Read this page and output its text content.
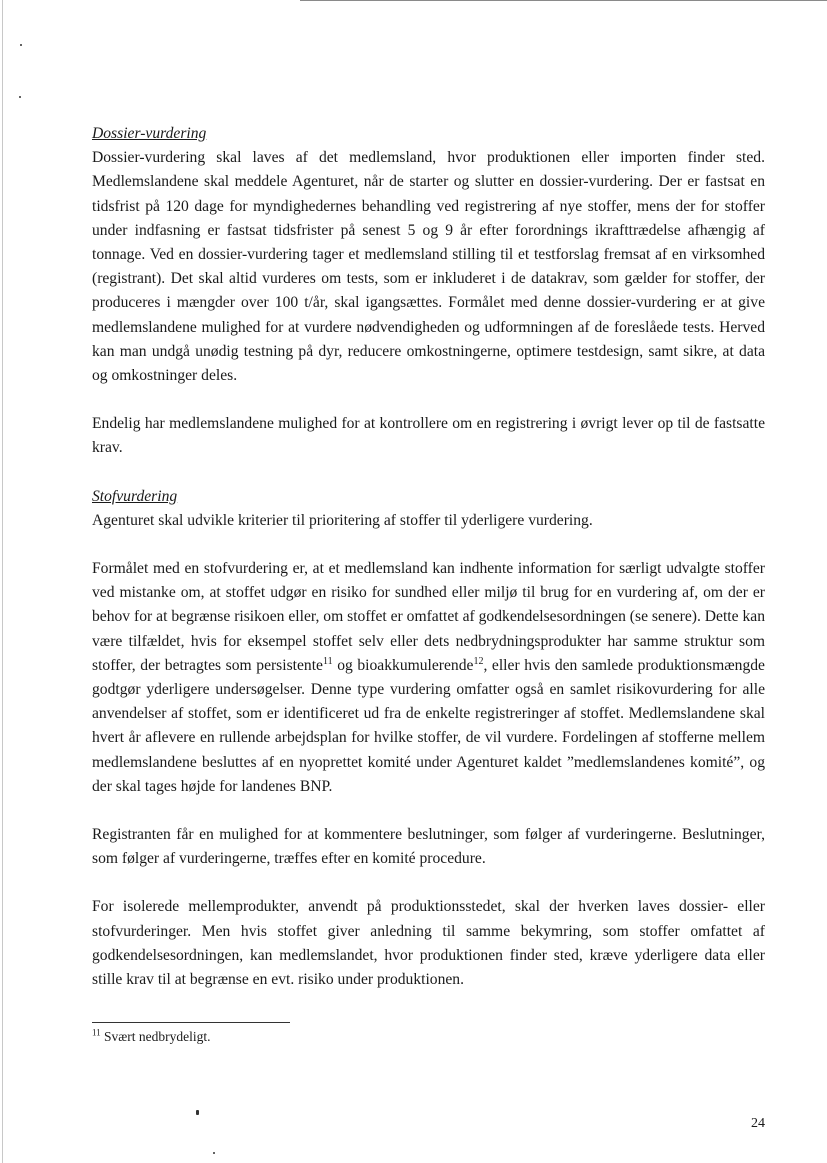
Dossier-vurdering

Dossier-vurdering skal laves af det medlemsland, hvor produktionen eller importen finder sted. Medlemslandene skal meddele Agenturet, når de starter og slutter en dossier-vurdering. Der er fastsat en tidsfrist på 120 dage for myndighedernes behandling ved registrering af nye stoffer, mens der for stoffer under indfasning er fastsat tidsfrister på senest 5 og 9 år efter forordnings ikrafttrædelse afhængig af tonnage. Ved en dossier-vurdering tager et medlemsland stilling til et testforslag fremsat af en virksomhed (registrant). Det skal altid vurderes om tests, som er inkluderet i de datakrav, som gælder for stoffer, der produceres i mængder over 100 t/år, skal igangsættes. Formålet med denne dossier-vurdering er at give medlemslandene mulighed for at vurdere nødvendigheden og udformningen af de foreslåede tests. Herved kan man undgå unødig testning på dyr, reducere omkostningerne, optimere testdesign, samt sikre, at data og omkostninger deles.

Endelig har medlemslandene mulighed for at kontrollere om en registrering i øvrigt lever op til de fastsatte krav.

Stofvurdering

Agenturet skal udvikle kriterier til prioritering af stoffer til yderligere vurdering.

Formålet med en stofvurdering er, at et medlemsland kan indhente information for særligt udvalgte stoffer ved mistanke om, at stoffet udgør en risiko for sundhed eller miljø til brug for en vurdering af, om der er behov for at begrænse risikoen eller, om stoffet er omfattet af godkendelsesordningen (se senere). Dette kan være tilfældet, hvis for eksempel stoffet selv eller dets nedbrydningsprodukter har samme struktur som stoffer, der betragtes som persistente$^{11}$ og bioakkumulerende$^{12}$, eller hvis den samlede produktionsmængde godtgør yderligere undersøgelser. Denne type vurdering omfatter også en samlet risikovurdering for alle anvendelser af stoffet, som er identificeret ud fra de enkelte registreringer af stoffet. Medlemslandene skal hvert år aflevere en rullende arbejdsplan for hvilke stoffer, de vil vurdere. Fordelingen af stofferne mellem medlemslandene besluttes af en nyoprettet komité under Agenturet kaldet ”medlemslandenes komité”, og der skal tages højde for landenes BNP.

Registranten får en mulighed for at kommentere beslutninger, som følger af vurderingerne. Beslutninger, som følger af vurderingerne, træffes efter en komité procedure.

For isolerede mellemprodukter, anvendt på produktionsstedet, skal der hverken laves dossier- eller stofvurderinger. Men hvis stoffet giver anledning til samme bekymring, som stoffer omfattet af godkendelsesordningen, kan medlemslandet, hvor produktionen finder sted, kræve yderligere data eller stille krav til at begrænse en evt. risiko under produktionen.

$^{11}$ Svært nedbrydeligt.
24
